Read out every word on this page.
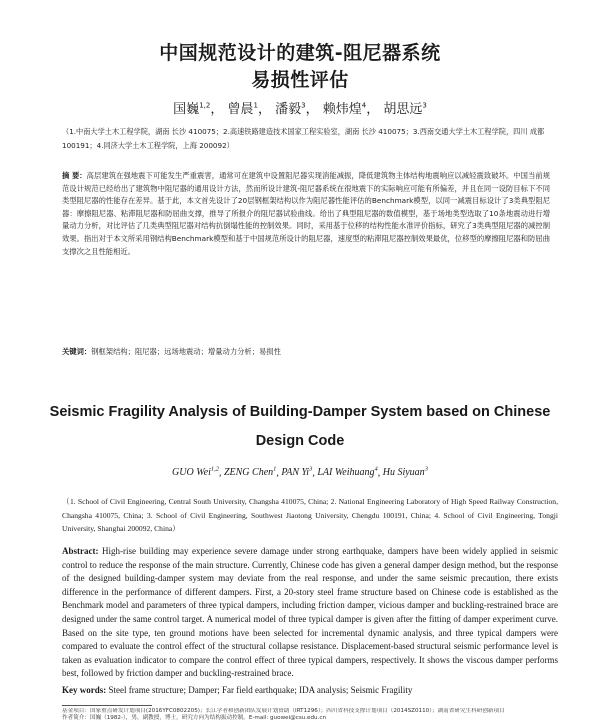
中国规范设计的建筑-阻尼器系统
易损性评估
国巍$^{1,2}$， 曾晨$^1$， 潘毅$^3$， 赖炜煌$^4$， 胡思远$^3$
（1.中南大学土木工程学院，湖南 长沙 410075；2.高速铁路建造技术国家工程实验室，湖南 长沙 410075；3.西南交通大学土木工程学院，四川 成都 100191；4.同济大学土木工程学院，上海 200092）
摘 要：高层建筑在强地震下可能发生严重震害，通常可在建筑中设置阻尼器实现消能减振，降低建筑物主体结构地震响应以减轻震致破坏。中国当前规范设计规范已经给出了建筑物中阻尼器的通用设计方法，然而所设计建筑-阻尼器系统在很地震下的实际响应可能有所偏差，并且在同一设防目标下不同类型阻尼器的性能存在差异。基于此，本文首先设计了20层钢框架结构以作为阻尼器性能评估的Benchmark模型，以同一减震目标设计了3类典型阻尼器：摩擦阻尼器、粘滞阻尼器和防屈曲支撑，推导了所报介的阻尼器试验曲线。给出了典型阻尼器的数值模型，基于场地类型选取了10条地震动进行增量动力分析，对比评估了几类典型阻尼器对结构抗倒塌性能的控制效果。同时，采用基于位移的结构性能水准评价指标，研究了3类典型阻尼器的减控制效果。指出对于本文所采用钢结构Benchmark模型和基于中国规范所设计的阻尼器，速度型的粘滞阻尼器控制效果最优，位移型的摩擦阻尼器和防屈曲支撑次之且性能相近。
关键词：钢框架结构；阻尼器；远场地震动；增量动力分析；易损性
Seismic Fragility Analysis of Building-Damper System based on Chinese
Design Code
GUO Wei$^{1,2}$, ZENG Chen$^1$, PAN Yi$^3$, LAI Weihuang$^4$, Hu Siyuan$^3$
（1. School of Civil Engineering, Central South University, Changsha 410075, China; 2. National Engineering Laboratory of High Speed Railway Construction, Changsha 410075, China; 3. School of Civil Engineering, Southwest Jiaotong University, Chengdu 100191, China; 4. School of Civil Engineering, Tongji University, Shanghai 200092, China）
Abstract: High-rise building may experience severe damage under strong earthquake, dampers have been widely applied in seismic control to reduce the response of the main structure. Currently, Chinese code has given a general damper design method, but the response of the designed building-damper system may deviate from the real response, and under the same seismic precaution, there exists difference in the performance of different dampers. First, a 20-story steel frame structure based on Chinese code is established as the Benchmark model and parameters of three typical dampers, including friction damper, vicious damper and buckling-restrained brace are designed under the same control target. A numerical model of three typical damper is given after the fitting of damper experiment curve. Based on the site type, ten ground motions have been selected for incremental dynamic analysis, and three typical dampers were compared to evaluate the control effect of the structural collapse resistance. Displacement-based structural seismic performance level is taken as evaluation indicator to compare the control effect of three typical dampers, respectively. It shows the viscous damper performs best, followed by friction damper and buckling-restrained brace.
Key words: Steel frame structure; Damper; Far field earthquake; IDA analysis; Seismic Fragility
基金项目：国家重点研发计划项目(2016YFC0802205)；长江学者和创新团队发展计划资助（IRT1296）；四川省科技支撑计划项目（2014SZ0110）；湖南省研究生科研创新项目
作者简介：国巍（1982-），男，副教授，博士，研究方向为结构振动控制。E-mail: guowei@csu.edu.cn
